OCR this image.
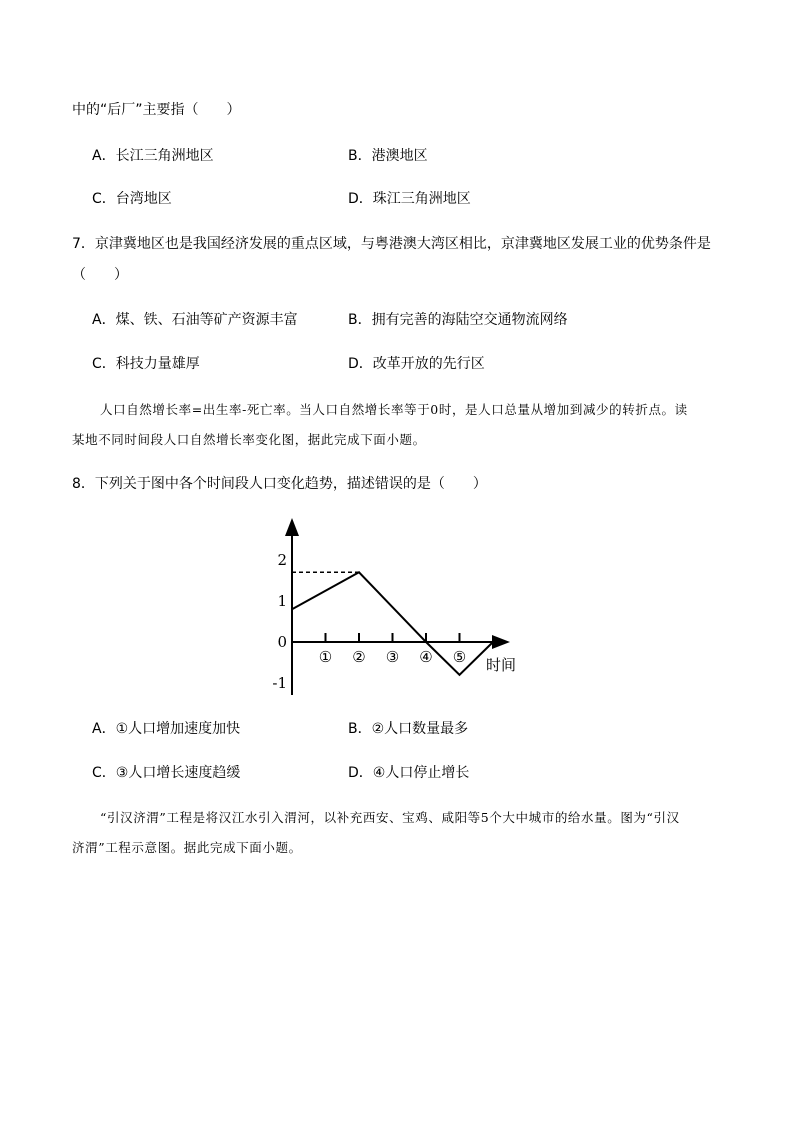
中的“后厂”主要指（　　）
A．长江三角洲地区	B．港澳地区
C．台湾地区	D．珠江三角洲地区
7．京津冀地区也是我国经济发展的重点区域，与粤港澳大湾区相比，京津冀地区发展工业的优势条件是
（　　）
A．煤、铁、石油等矿产资源丰富	B．拥有完善的海陆空交通物流网络
C．科技力量雄厚	D．改革开放的先行区
人口自然增长率=出生率-死亡率。当人口自然增长率等于0时，是人口总量从增加到减少的转折点。读
某地不同时间段人口自然增长率变化图，据此完成下面小题。
8．下列关于图中各个时间段人口变化趋势，描述错误的是（　　）
2
1
0
-1
① ② ③ ④ ⑤ 时间
A．①人口增加速度加快	B．②人口数量最多
C．③人口增长速度趋缓	D．④人口停止增长
“引汉济渭”工程是将汉江水引入渭河，以补充西安、宝鸡、咸阳等5个大中城市的给水量。图为“引汉
济渭”工程示意图。据此完成下面小题。
